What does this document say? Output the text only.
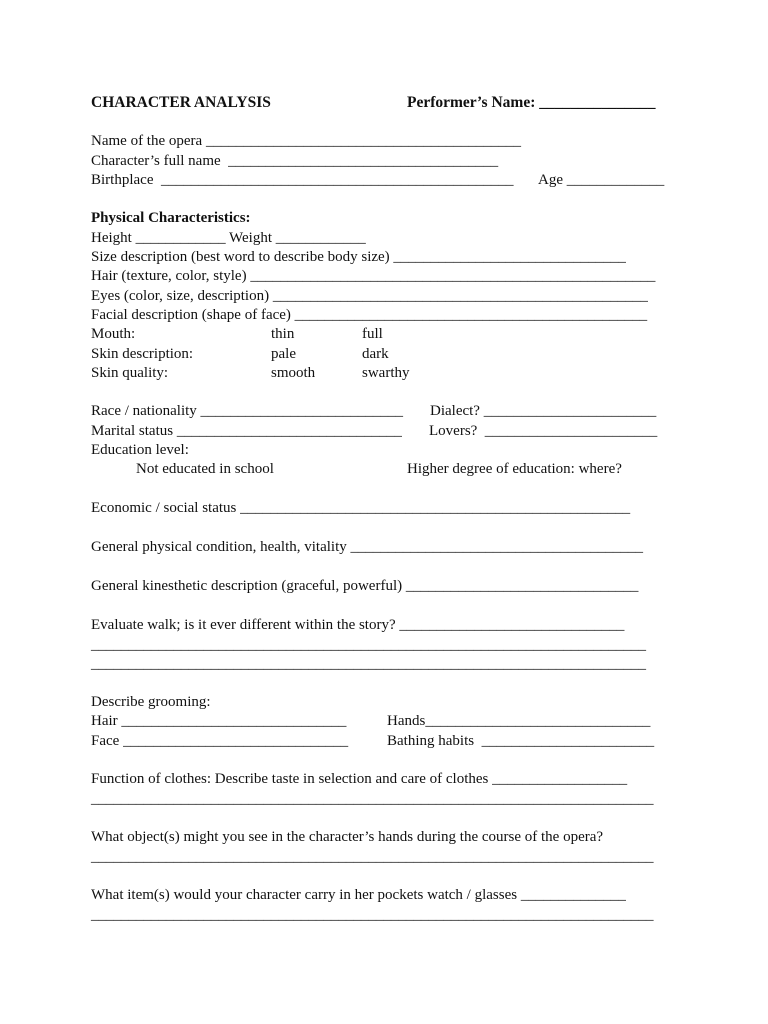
CHARACTER ANALYSIS	Performer’s Name: _______________
Name of the opera __________________________________________
Character’s full name  ____________________________________
Birthplace  _______________________________________________ Age _____________
Physical Characteristics:
Height ____________ Weight ____________
Size description (best word to describe body size) _______________________________
Hair (texture, color, style) ______________________________________________________
Eyes (color, size, description) __________________________________________________
Facial description (shape of face) _______________________________________________
Mouth:	thin	full
Skin description:	pale	dark
Skin quality:	smooth	swarthy
Race / nationality ___________________________ Dialect? _______________________
Marital status ______________________________ Lovers?  _______________________
Education level:
Not educated in school	Higher degree of education: where?
Economic / social status ____________________________________________________
General physical condition, health, vitality _______________________________________
General kinesthetic description (graceful, powerful) _______________________________
Evaluate walk; is it ever different within the story? ______________________________
__________________________________________________________________________
__________________________________________________________________________
Describe grooming:
Hair ______________________________	Hands______________________________
Face ______________________________	Bathing habits  _______________________
Function of clothes: Describe taste in selection and care of clothes __________________
___________________________________________________________________________
What object(s) might you see in the character’s hands during the course of the opera?
___________________________________________________________________________
What item(s) would your character carry in her pockets watch / glasses ______________
___________________________________________________________________________
